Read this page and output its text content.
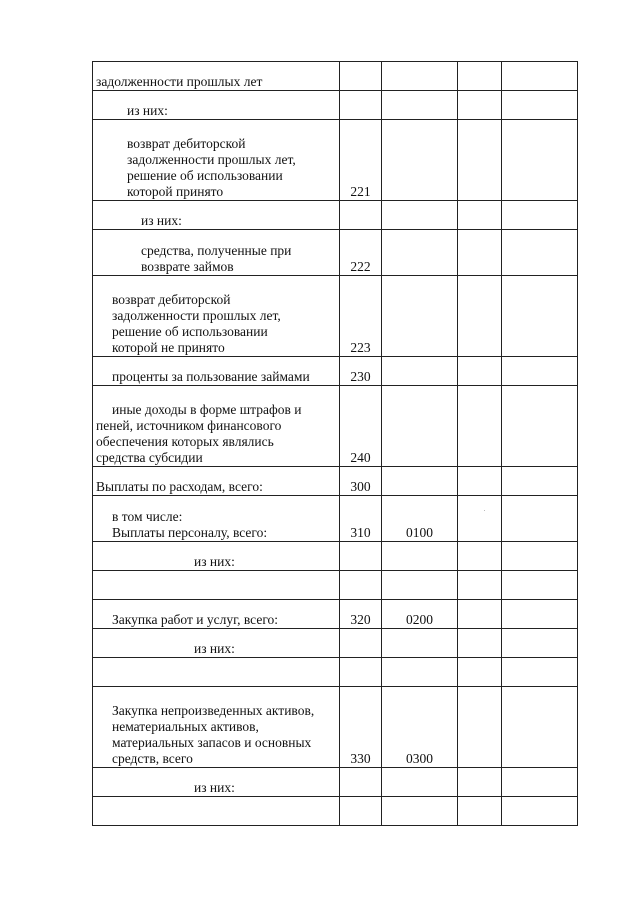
задолженности прошлых лет				

из них:				

возврат дебиторской
задолженности прошлых лет,
решение об использовании
которой принято	221			

из них:				

средства, полученные при
возврате займов	222			

возврат дебиторской
задолженности прошлых лет,
решение об использовании
которой не принято	223			

проценты за пользование займами	230			

иные доходы в форме штрафов и
пеней, источником финансового
обеспечения которых являлись
средства субсидии	240			

Выплаты по расходам, всего:	300			

в том числе:
Выплаты персоналу, всего:	310	0100		

из них:				

Закупка работ и услуг, всего:	320	0200		

из них:				

Закупка непроизведенных активов,
нематериальных активов,
материальных запасов и основных
средств, всего	330	0300		

из них:				
